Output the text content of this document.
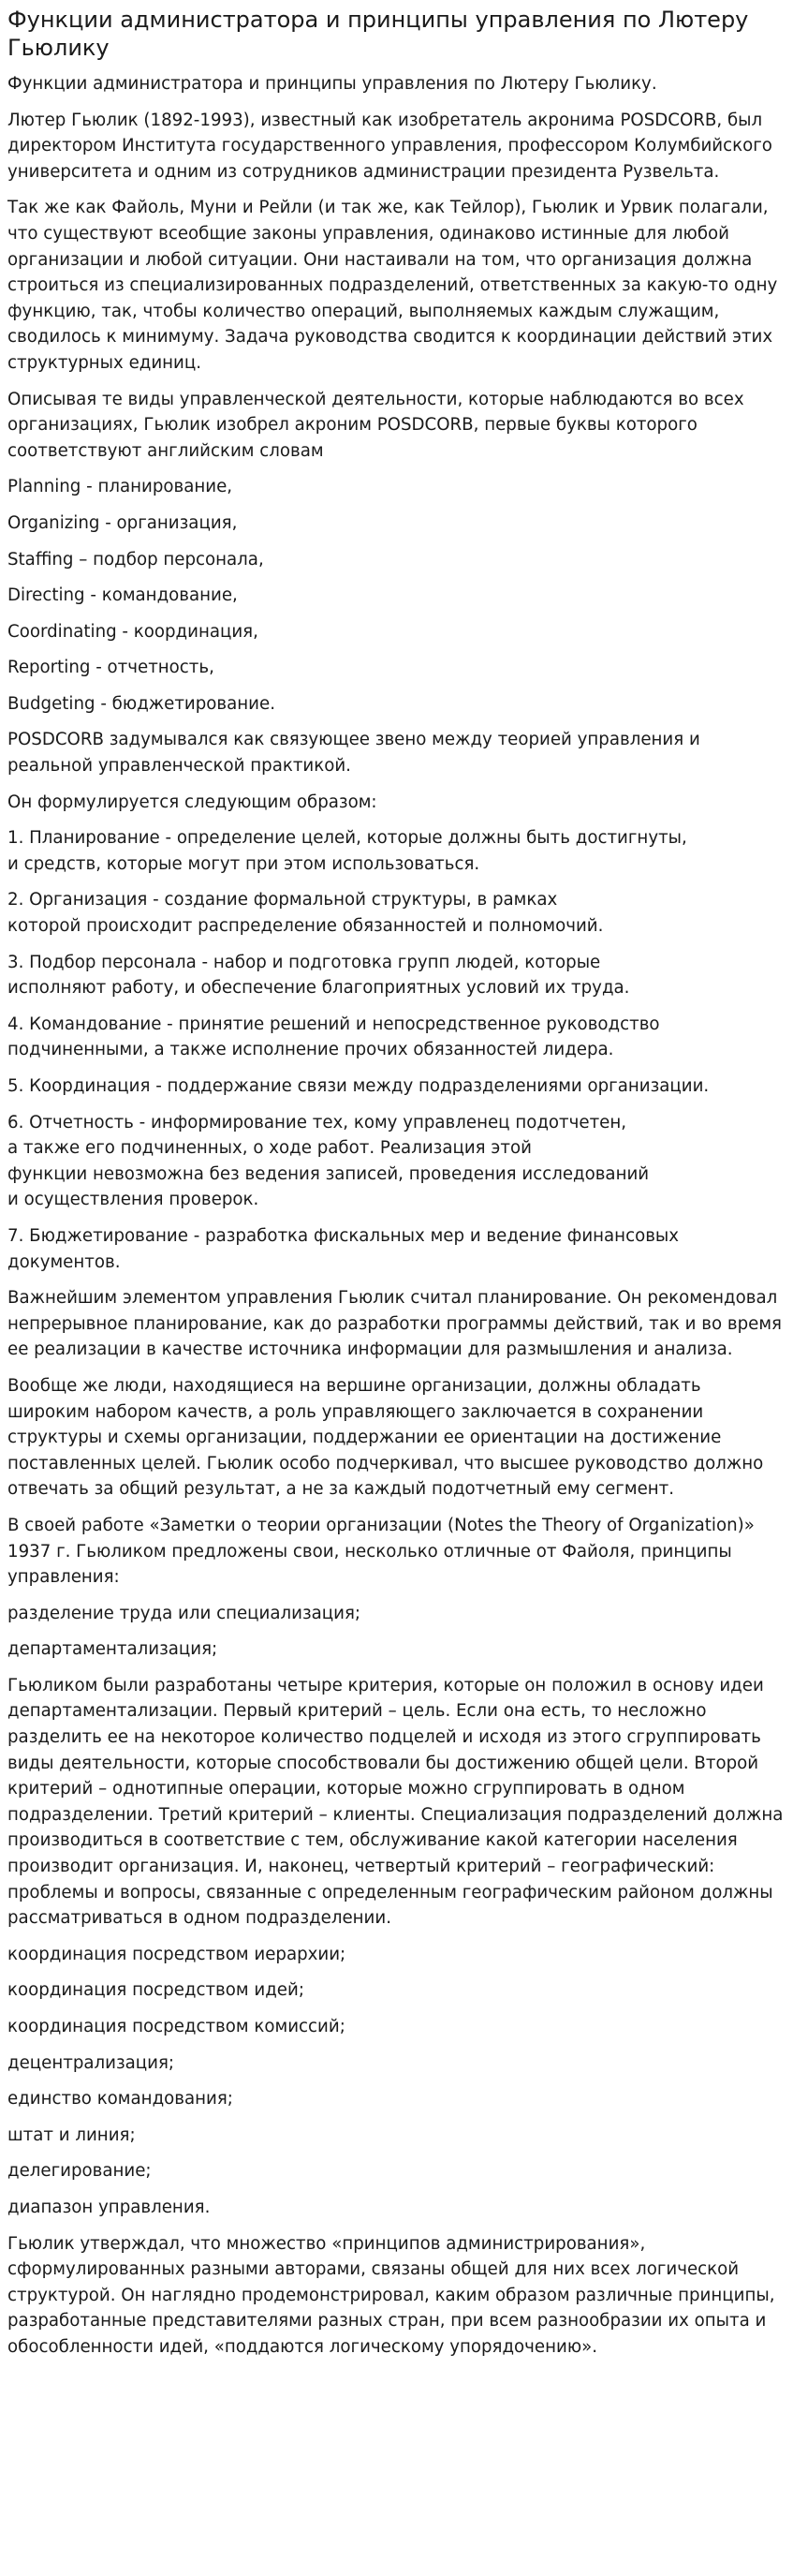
Функции администратора и принципы управления по Лютеру Гьюлику

Функции администратора и принципы управления по Лютеру Гьюлику.

Лютер Гьюлик (1892-1993), известный как изобретатель акронима POSDCORB, был директором Института государственного управления, профессором Колумбийского университета и одним из сотрудников администрации президента Рузвельта.

Так же как Файоль, Муни и Рейли (и так же, как Тейлор), Гьюлик и Урвик полагали, что существуют всеобщие законы управления, одинаково истинные для любой организации и любой ситуации. Они настаивали на том, что организация должна строиться из специализированных подразделений, ответственных за какую-то одну функцию, так, чтобы количество операций, выполняемых каждым служащим, сводилось к минимуму. Задача руководства сводится к координации действий этих структурных единиц.

Описывая те виды управленческой деятельности, которые наблюдаются во всех организациях, Гьюлик изобрел акроним POSDCORB, первые буквы которого соответствуют английским словам

Planning - планирование,

Organizing - организация,

Staffing – подбор персонала,

Directing - командование,

Coordinating - координация,

Reporting - отчетность,

Budgeting - бюджетирование.

POSDCORB задумывался как связующее звено между теорией управления и реальной управленческой практикой.

Он формулируется следующим образом:

1. Планирование - определение целей, которые должны быть достигнуты,
и средств, которые могут при этом использоваться.

2. Организация - создание формальной структуры, в рамках
которой происходит распределение обязанностей и полномочий.

3. Подбор персонала - набор и подготовка групп людей, которые
исполняют работу, и обеспечение благоприятных условий их труда.

4. Командование - принятие решений и непосредственное руководство подчиненными, а также исполнение прочих обязанностей лидера.

5. Координация - поддержание связи между подразделениями организации.

6. Отчетность - информирование тех, кому управленец подотчетен,
а также его подчиненных, о ходе работ. Реализация этой
функции невозможна без ведения записей, проведения исследований
и осуществления проверок.

7. Бюджетирование - разработка фискальных мер и ведение финансовых документов.

Важнейшим элементом управления Гьюлик считал планирование. Он рекомендовал непрерывное планирование, как до разработки программы действий, так и во время ее реализации в качестве источника информации для размышления и анализа.

Вообще же люди, находящиеся на вершине организации, должны обладать широким набором качеств, а роль управляющего заключается в сохранении структуры и схемы организации, поддержании ее ориентации на достижение поставленных целей. Гьюлик особо подчеркивал, что высшее руководство должно отвечать за общий результат, а не за каждый подотчетный ему сегмент.

В своей работе «Заметки о теории организации (Notes the Theory of Organization)» 1937 г. Гьюликом предложены свои, несколько отличные от Файоля, принципы управления:

разделение труда или специализация;

департаментализация;

Гьюликом были разработаны четыре критерия, которые он положил в основу идеи департаментализации. Первый критерий – цель. Если она есть, то несложно разделить ее на некоторое количество подцелей и исходя из этого сгруппировать виды деятельности, которые способствовали бы достижению общей цели. Второй критерий – однотипные операции, которые можно сгруппировать в одном подразделении. Третий критерий – клиенты. Специализация подразделений должна производиться в соответствие с тем, обслуживание какой категории населения производит организация. И, наконец, четвертый критерий – географический: проблемы и вопросы, связанные с определенным географическим районом должны рассматриваться в одном подразделении.

координация посредством иерархии;

координация посредством идей;

координация посредством комиссий;

децентрализация;

единство командования;

штат и линия;

делегирование;

диапазон управления.

Гьюлик утверждал, что множество «принципов администрирования», сформулированных разными авторами, связаны общей для них всех логической структурой. Он наглядно продемонстрировал, каким образом различные принципы, разработанные представителями разных стран, при всем разнообразии их опыта и обособленности идей, «поддаются логическому упорядочению».
